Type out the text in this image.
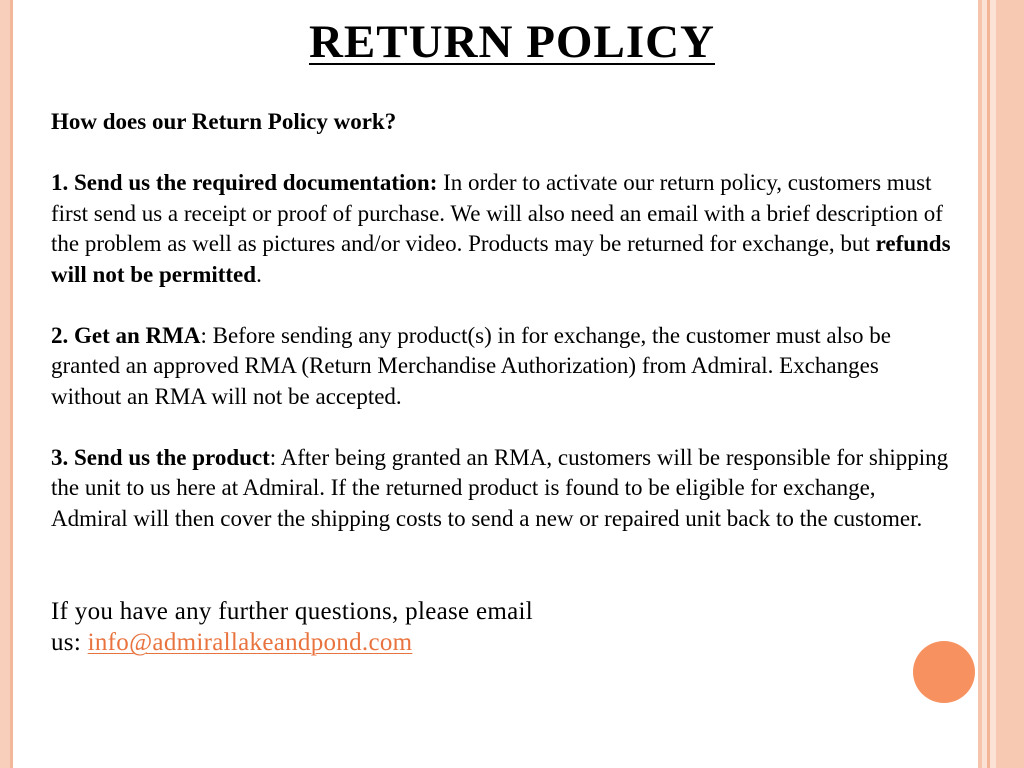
RETURN POLICY

How does our Return Policy work?

1. Send us the required documentation: In order to activate our return policy, customers must first send us a receipt or proof of purchase. We will also need an email with a brief description of the problem as well as pictures and/or video. Products may be returned for exchange, but refunds will not be permitted.

2. Get an RMA: Before sending any product(s) in for exchange, the customer must also be granted an approved RMA (Return Merchandise Authorization) from Admiral. Exchanges without an RMA will not be accepted.

3. Send us the product: After being granted an RMA, customers will be responsible for shipping the unit to us here at Admiral. If the returned product is found to be eligible for exchange, Admiral will then cover the shipping costs to send a new or repaired unit back to the customer.

If you have any further questions, please email
us: info@admirallakeandpond.com
